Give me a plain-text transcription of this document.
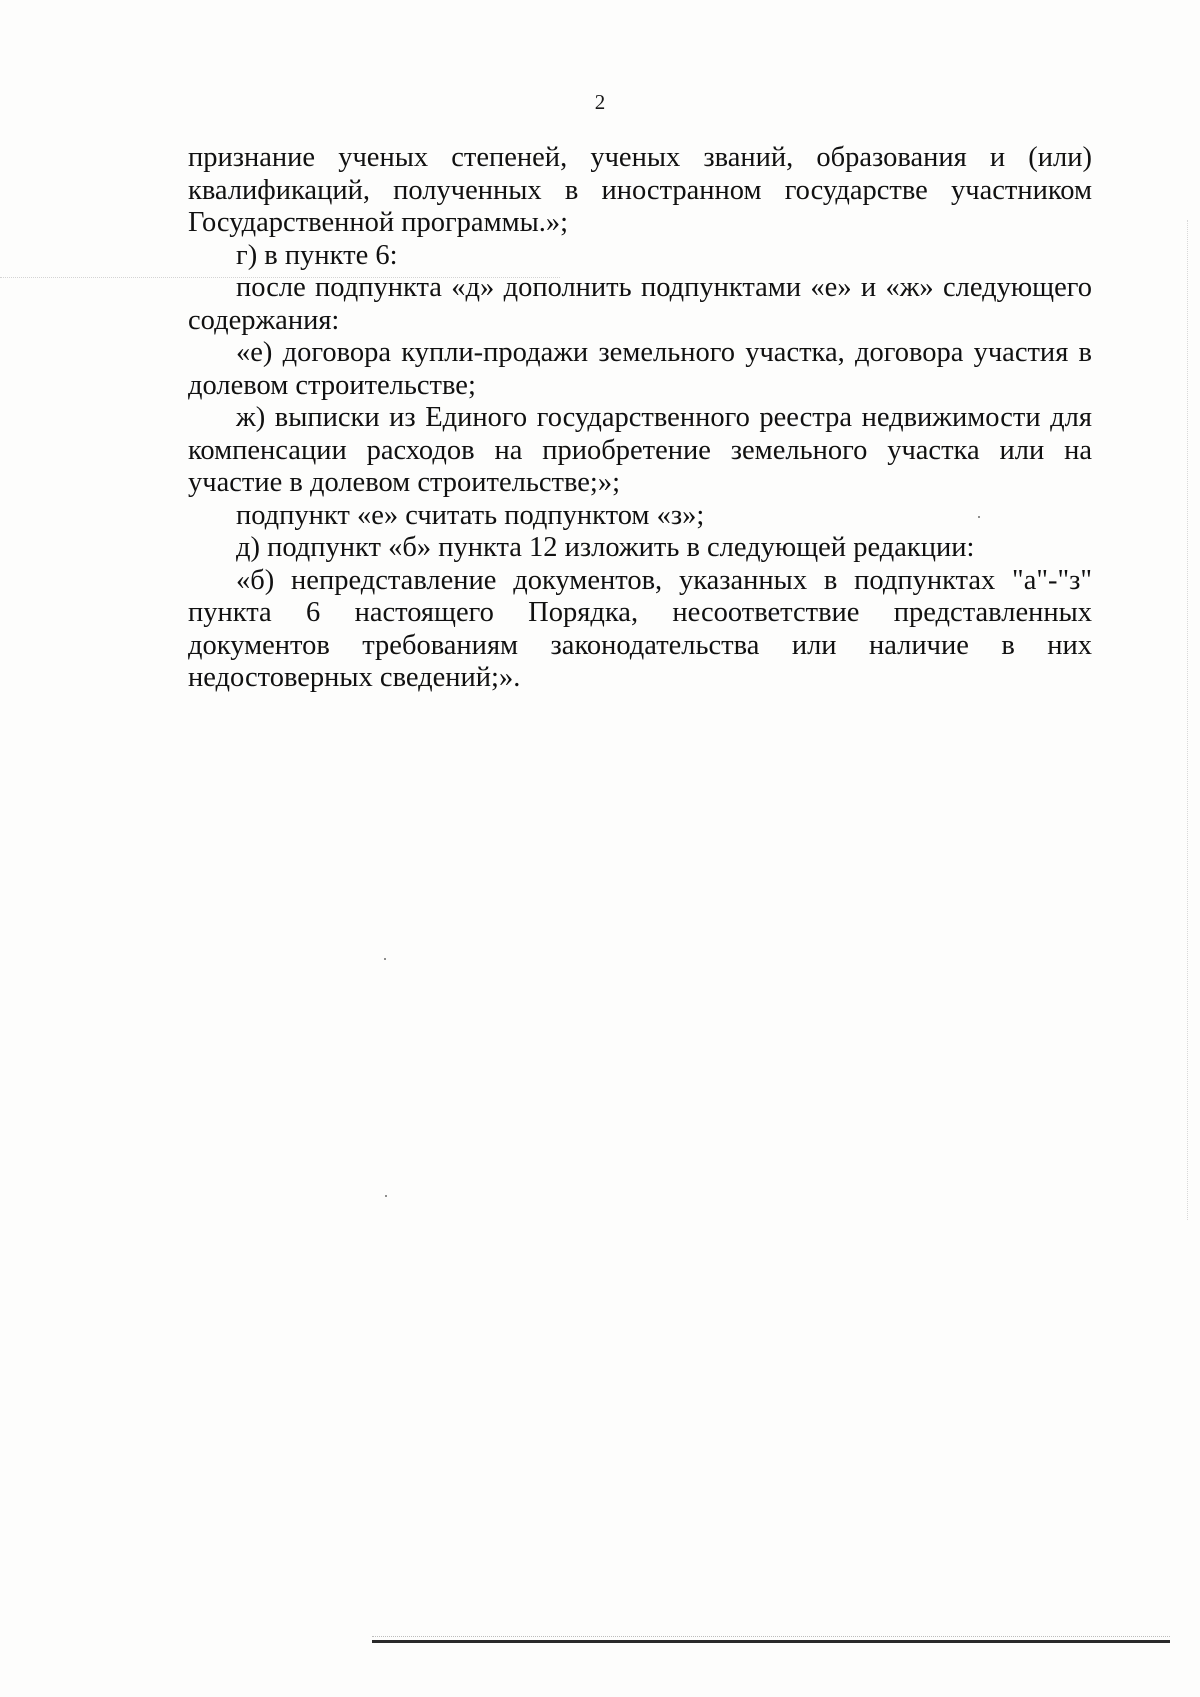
2

признание ученых степеней, ученых званий, образования и (или) квалификаций, полученных в иностранном государстве участником Государственной программы.»;

г) в пункте 6:

после подпункта «д» дополнить подпунктами «е» и «ж» следующего содержания:

«е) договора купли-продажи земельного участка, договора участия в долевом строительстве;

ж) выписки из Единого государственного реестра недвижимости для компенсации расходов на приобретение земельного участка или на участие в долевом строительстве;»;

подпункт «е» считать подпунктом «з»;

д) подпункт «б» пункта 12 изложить в следующей редакции:

«б) непредставление документов, указанных в подпунктах "а"-"з" пункта 6 настоящего Порядка, несоответствие представленных документов требованиям законодательства или наличие в них недостоверных сведений;».
